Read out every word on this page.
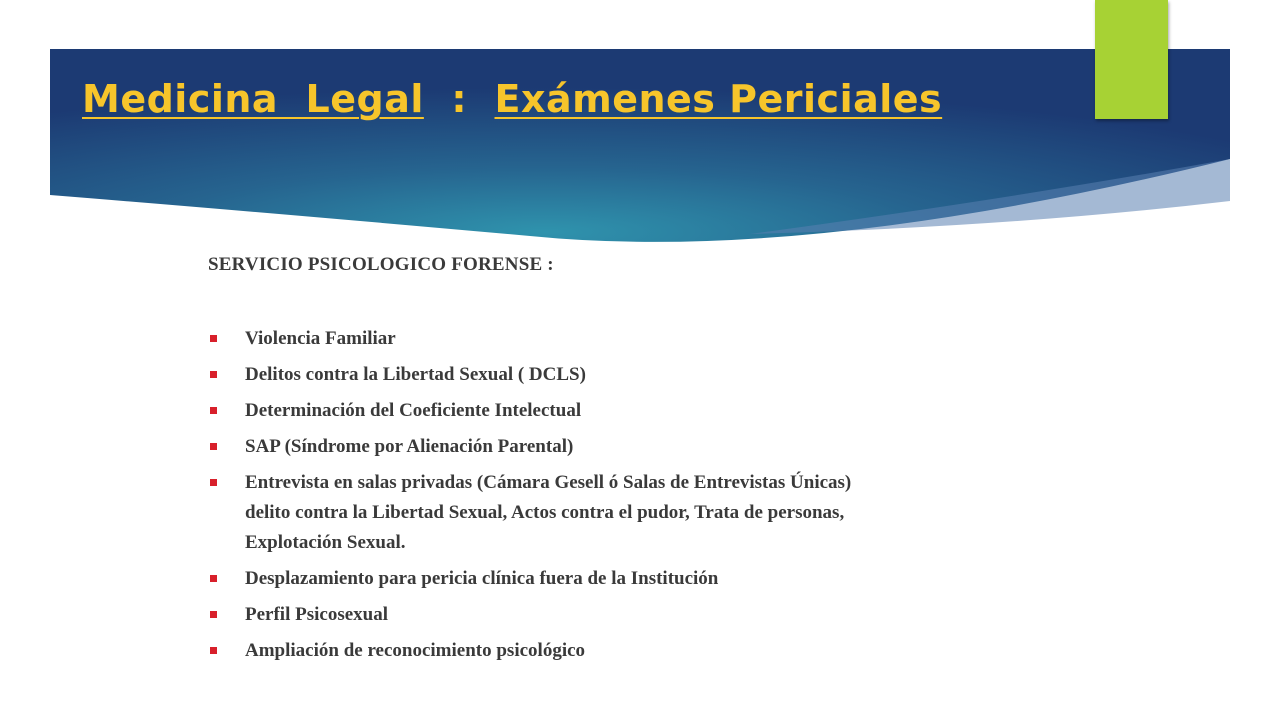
Medicina  Legal  :  Exámenes Periciales

SERVICIO PSICOLOGICO FORENSE :

Violencia Familiar
Delitos contra la Libertad Sexual ( DCLS)
Determinación del Coeficiente Intelectual
SAP (Síndrome por Alienación Parental)
Entrevista en salas privadas (Cámara Gesell ó Salas de Entrevistas Únicas)
delito contra la Libertad Sexual, Actos contra el pudor, Trata de personas,
Explotación Sexual.
Desplazamiento para pericia clínica fuera de la Institución
Perfil Psicosexual
Ampliación de reconocimiento psicológico
